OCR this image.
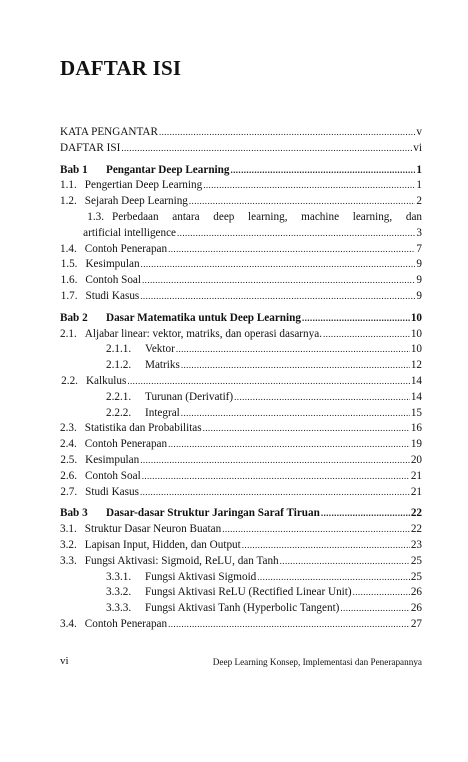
DAFTAR ISI
KATA PENGANTAR .....	v
DAFTAR ISI .....	vi
Bab 1	Pengantar Deep Learning .....	1
1.1. Pengertian Deep Learning .....	1
1.2. Sejarah Deep Learning .....	2
1.3. Perbedaan antara deep learning, machine learning, dan
artificial intelligence .....	3
1.4. Contoh Penerapan .....	7
1.5. Kesimpulan .....	9
1.6. Contoh Soal .....	9
1.7. Studi Kasus .....	9
Bab 2	Dasar Matematika untuk Deep Learning .....	10
2.1. Aljabar linear: vektor, matriks, dan operasi dasarnya. .....	10
2.1.1.	Vektor .....	10
2.1.2.	Matriks .....	12
2.2. Kalkulus .....	14
2.2.1.	Turunan (Derivatif) .....	14
2.2.2.	Integral .....	15
2.3. Statistika dan Probabilitas .....	16
2.4. Contoh Penerapan .....	19
2.5. Kesimpulan .....	20
2.6. Contoh Soal .....	21
2.7. Studi Kasus .....	21
Bab 3	Dasar-dasar Struktur Jaringan Saraf Tiruan .....	22
3.1. Struktur Dasar Neuron Buatan .....	22
3.2. Lapisan Input, Hidden, dan Output .....	23
3.3. Fungsi Aktivasi: Sigmoid, ReLU, dan Tanh .....	25
3.3.1.	Fungsi Aktivasi Sigmoid .....	25
3.3.2.	Fungsi Aktivasi ReLU (Rectified Linear Unit) .....	26
3.3.3.	Fungsi Aktivasi Tanh (Hyperbolic Tangent) .....	26
3.4. Contoh Penerapan .....	27
vi	Deep Learning Konsep, Implementasi dan Penerapannya
